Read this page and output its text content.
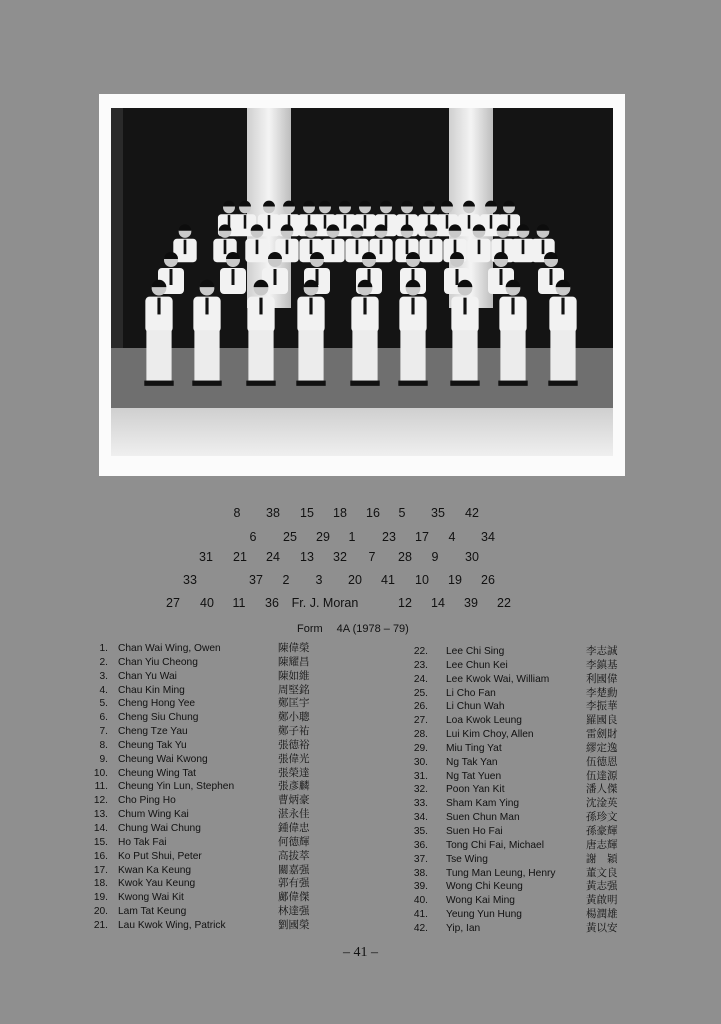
8 38 15 18 16 5 35 42
6 25 29 1 23 17 4 34
31 21 24 13 32 7 28 9 30
33	37 2 3 20 41 10 19 26
27 40 11 36 Fr. J. Moran	12 14 39 22
Form 4A (1978 – 79)
1. Chan Wai Wing, Owen	陳偉榮
2. Chan Yiu Cheong	陳耀昌
3. Chan Yu Wai	陳如維
4. Chau Kin Ming	周堅銘
5. Cheng Hong Yee	鄭匡宇
6. Cheng Siu Chung	鄭小聰
7. Cheng Tze Yau	鄭子祐
8. Cheung Tak Yu	張德裕
9. Cheung Wai Kwong	張偉光
10. Cheung Wing Tat	張榮達
11. Cheung Yin Lun, Stephen	張彥麟
12. Cho Ping Ho	曹炳豪
13. Chum Wing Kai	湛永佳
14. Chung Wai Chung	鍾偉忠
15. Ho Tak Fai	何德輝
16. Ko Put Shui, Peter	高拔萃
17. Kwan Ka Keung	關嘉强
18. Kwok Yau Keung	郭有强
19. Kwong Wai Kit	鄺偉傑
20. Lam Tat Keung	林達强
21. Lau Kwok Wing, Patrick	劉國榮
22. Lee Chi Sing	李志誠
23. Lee Chun Kei	李鎮基
24. Lee Kwok Wai, William	利國偉
25. Li Cho Fan	李楚勳
26. Li Chun Wah	李振華
27. Loa Kwok Leung	羅國良
28. Lui Kim Choy, Allen	雷劍財
29. Miu Ting Yat	繆定逸
30. Ng Tak Yan	伍德恩
31. Ng Tat Yuen	伍達源
32. Poon Yan Kit	潘人傑
33. Sham Kam Ying	沈淦英
34. Suen Chun Man	孫珍文
35. Suen Ho Fai	孫豪輝
36. Tong Chi Fai, Michael	唐志輝
37. Tse Wing	謝　穎
38. Tung Man Leung, Henry	董文良
39. Wong Chi Keung	黃志强
40. Wong Kai Ming	黃啟明
41. Yeung Yun Hung	楊潤雄
42. Yip, Ian	黃以安
– 41 –
